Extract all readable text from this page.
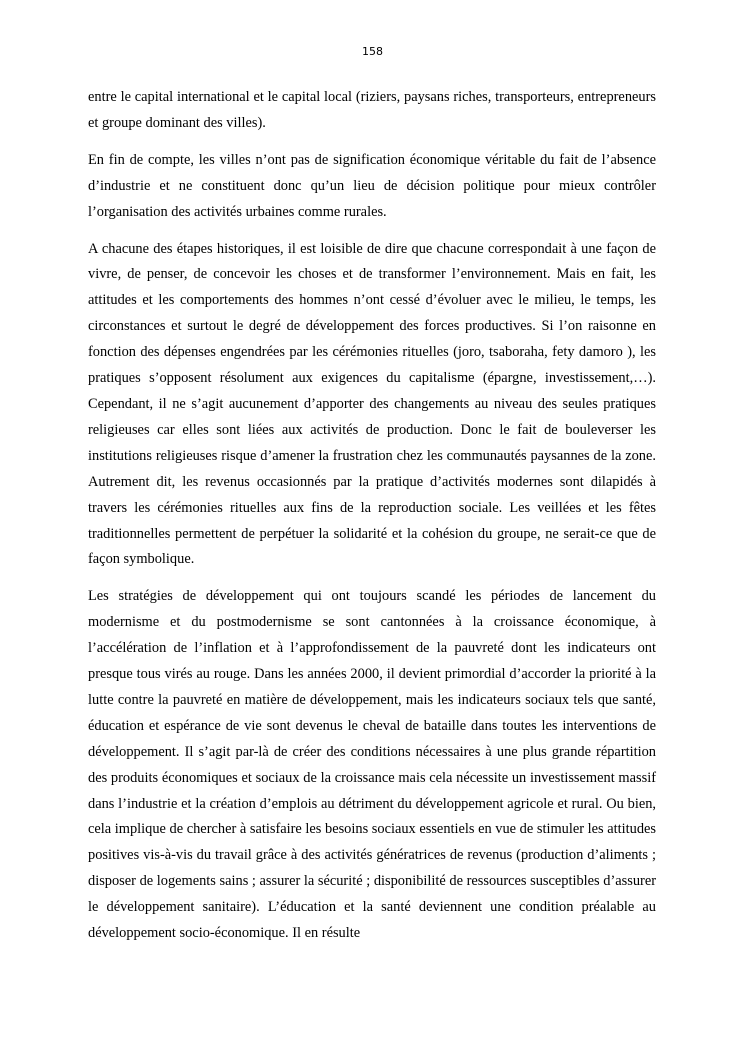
158

entre le capital international et le capital local (riziers, paysans riches, transporteurs, entrepreneurs et groupe dominant des villes).

En fin de compte, les villes n’ont pas de signification économique véritable du fait de l’absence d’industrie et ne constituent donc qu’un lieu de décision politique pour mieux contrôler l’organisation des activités urbaines comme rurales.

A chacune des étapes historiques, il est loisible de dire que chacune correspondait à une façon de vivre, de penser, de concevoir les choses et de transformer l’environnement. Mais en fait, les attitudes et les comportements des hommes n’ont cessé d’évoluer avec le milieu, le temps, les circonstances et surtout le degré de développement des forces productives. Si l’on raisonne en fonction des dépenses engendrées par les cérémonies rituelles (joro, tsaboraha, fety damoro ), les pratiques s’opposent résolument aux exigences du capitalisme (épargne, investissement,…). Cependant, il ne s’agit aucunement d’apporter des changements au niveau des seules pratiques religieuses car elles sont liées aux activités de production. Donc le fait de bouleverser les institutions religieuses risque d’amener la frustration chez les communautés paysannes de la zone. Autrement dit, les revenus occasionnés par la pratique d’activités modernes sont dilapidés à travers les cérémonies rituelles aux fins de la reproduction sociale. Les veillées et les fêtes traditionnelles permettent de perpétuer la solidarité et la cohésion du groupe, ne serait-ce que de façon symbolique.

Les stratégies de développement qui ont toujours scandé les périodes de lancement du modernisme et du postmodernisme se sont cantonnées à la croissance économique, à l’accélération de l’inflation et à l’approfondissement de la pauvreté dont les indicateurs ont presque tous virés au rouge. Dans les années 2000, il devient primordial d’accorder la priorité à la lutte contre la pauvreté en matière de développement, mais les indicateurs sociaux tels que santé, éducation et espérance de vie sont devenus le cheval de bataille dans toutes les interventions de développement. Il s’agit par-là de créer des conditions nécessaires à une plus grande répartition des produits économiques et sociaux de la croissance mais cela nécessite un investissement massif dans l’industrie et la création d’emplois au détriment du développement agricole et rural. Ou bien, cela implique de chercher à satisfaire les besoins sociaux essentiels en vue de stimuler les attitudes positives vis-à-vis du travail grâce à des activités génératrices de revenus (production d’aliments ; disposer de logements sains ; assurer la sécurité ; disponibilité de ressources susceptibles d’assurer le développement sanitaire). L’éducation et la santé deviennent une condition préalable au développement socio-économique. Il en résulte
